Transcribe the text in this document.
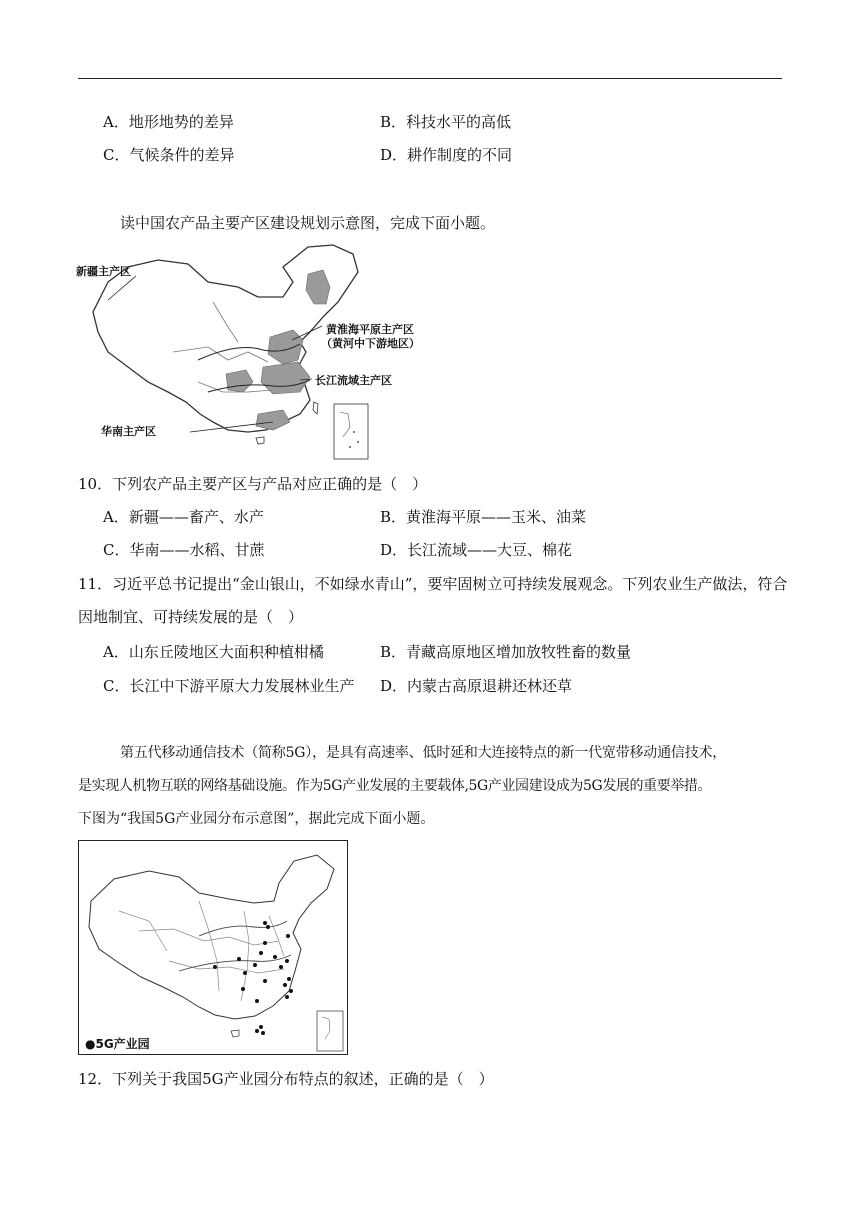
A．地形地势的差异	B．科技水平的高低
C．气候条件的差异	D．耕作制度的不同
读中国农产品主要产区建设规划示意图，完成下面小题。
新疆主产区
黄淮海平原主产区
（黄河中下游地区）
长江流域主产区
华南主产区
10．下列农产品主要产区与产品对应正确的是（　）
A．新疆——畜产、水产	B．黄淮海平原——玉米、油菜
C．华南——水稻、甘蔗	D．长江流域——大豆、棉花
11．习近平总书记提出“金山银山，不如绿水青山”，要牢固树立可持续发展观念。下列农业生产做法，符合
因地制宜、可持续发展的是（　）
A．山东丘陵地区大面积种植柑橘	B．青藏高原地区增加放牧牲畜的数量
C．长江中下游平原大力发展林业生产 D．内蒙古高原退耕还林还草
第五代移动通信技术（简称5G），是具有高速率、低时延和大连接特点的新一代宽带移动通信技术，
是实现人机物互联的网络基础设施。作为5G产业发展的主要载体,5G产业园建设成为5G发展的重要举措。
下图为“我国5G产业园分布示意图”，据此完成下面小题。
●5G产业园
12．下列关于我国5G产业园分布特点的叙述，正确的是（　）
